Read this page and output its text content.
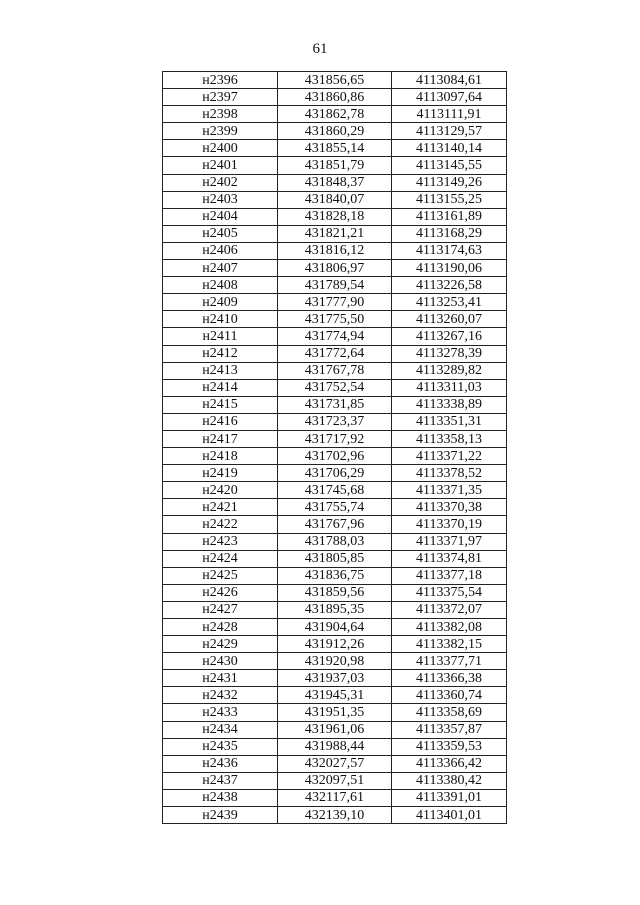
61
н2396	431856,65	4113084,61
н2397	431860,86	4113097,64
н2398	431862,78	4113111,91
н2399	431860,29	4113129,57
н2400	431855,14	4113140,14
н2401	431851,79	4113145,55
н2402	431848,37	4113149,26
н2403	431840,07	4113155,25
н2404	431828,18	4113161,89
н2405	431821,21	4113168,29
н2406	431816,12	4113174,63
н2407	431806,97	4113190,06
н2408	431789,54	4113226,58
н2409	431777,90	4113253,41
н2410	431775,50	4113260,07
н2411	431774,94	4113267,16
н2412	431772,64	4113278,39
н2413	431767,78	4113289,82
н2414	431752,54	4113311,03
н2415	431731,85	4113338,89
н2416	431723,37	4113351,31
н2417	431717,92	4113358,13
н2418	431702,96	4113371,22
н2419	431706,29	4113378,52
н2420	431745,68	4113371,35
н2421	431755,74	4113370,38
н2422	431767,96	4113370,19
н2423	431788,03	4113371,97
н2424	431805,85	4113374,81
н2425	431836,75	4113377,18
н2426	431859,56	4113375,54
н2427	431895,35	4113372,07
н2428	431904,64	4113382,08
н2429	431912,26	4113382,15
н2430	431920,98	4113377,71
н2431	431937,03	4113366,38
н2432	431945,31	4113360,74
н2433	431951,35	4113358,69
н2434	431961,06	4113357,87
н2435	431988,44	4113359,53
н2436	432027,57	4113366,42
н2437	432097,51	4113380,42
н2438	432117,61	4113391,01
н2439	432139,10	4113401,01
